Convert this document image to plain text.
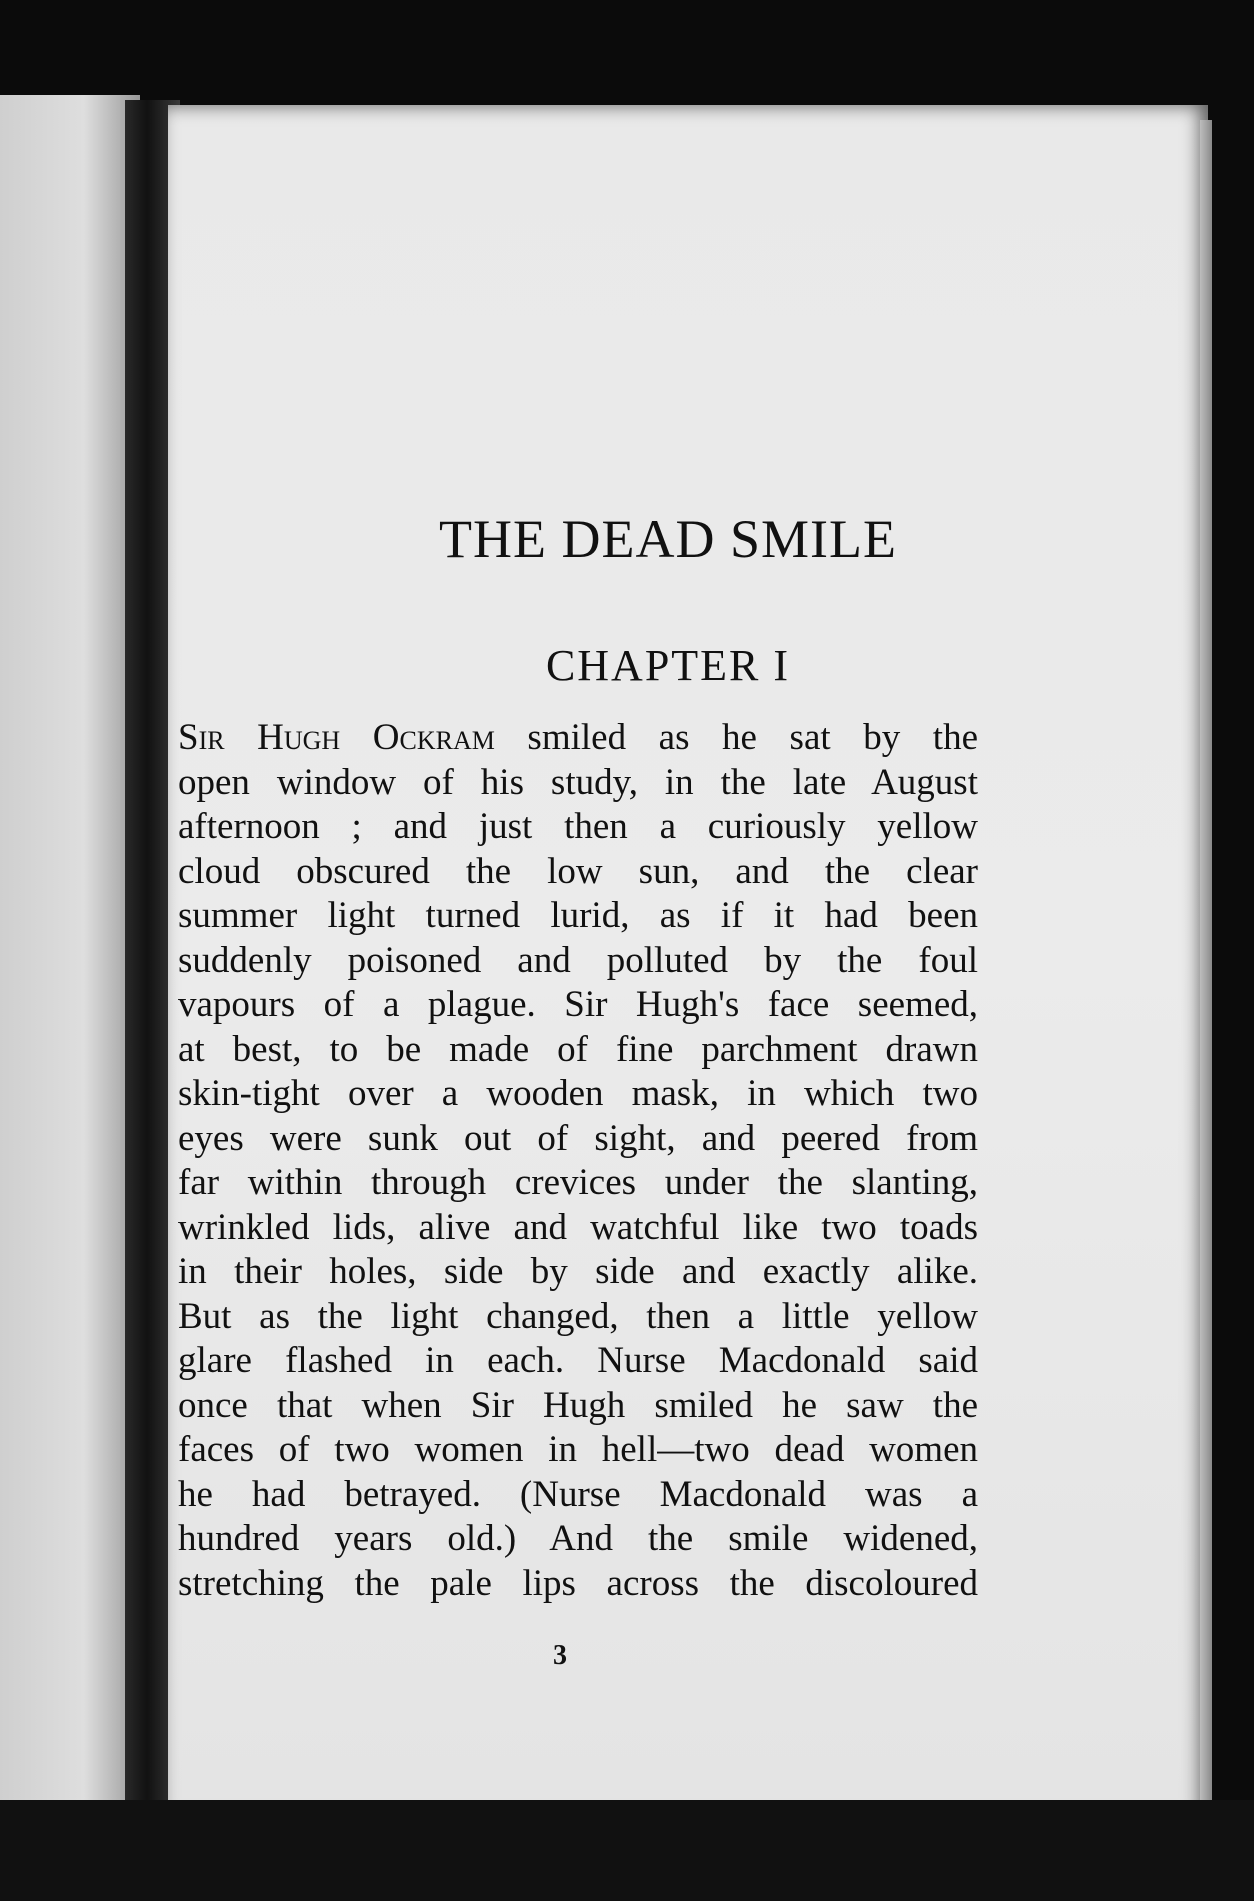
THE DEAD SMILE
CHAPTER I
Sir Hugh Ockram smiled as he sat by the
open window of his study, in the late August
afternoon ; and just then a curiously yellow
cloud obscured the low sun, and the clear
summer light turned lurid, as if it had been
suddenly poisoned and polluted by the foul
vapours of a plague. Sir Hugh's face seemed,
at best, to be made of fine parchment drawn
skin-tight over a wooden mask, in which two
eyes were sunk out of sight, and peered from
far within through crevices under the slanting,
wrinkled lids, alive and watchful like two toads
in their holes, side by side and exactly alike.
But as the light changed, then a little yellow
glare flashed in each. Nurse Macdonald said
once that when Sir Hugh smiled he saw the
faces of two women in hell—two dead women
he had betrayed. (Nurse Macdonald was a
hundred years old.) And the smile widened,
stretching the pale lips across the discoloured
3
